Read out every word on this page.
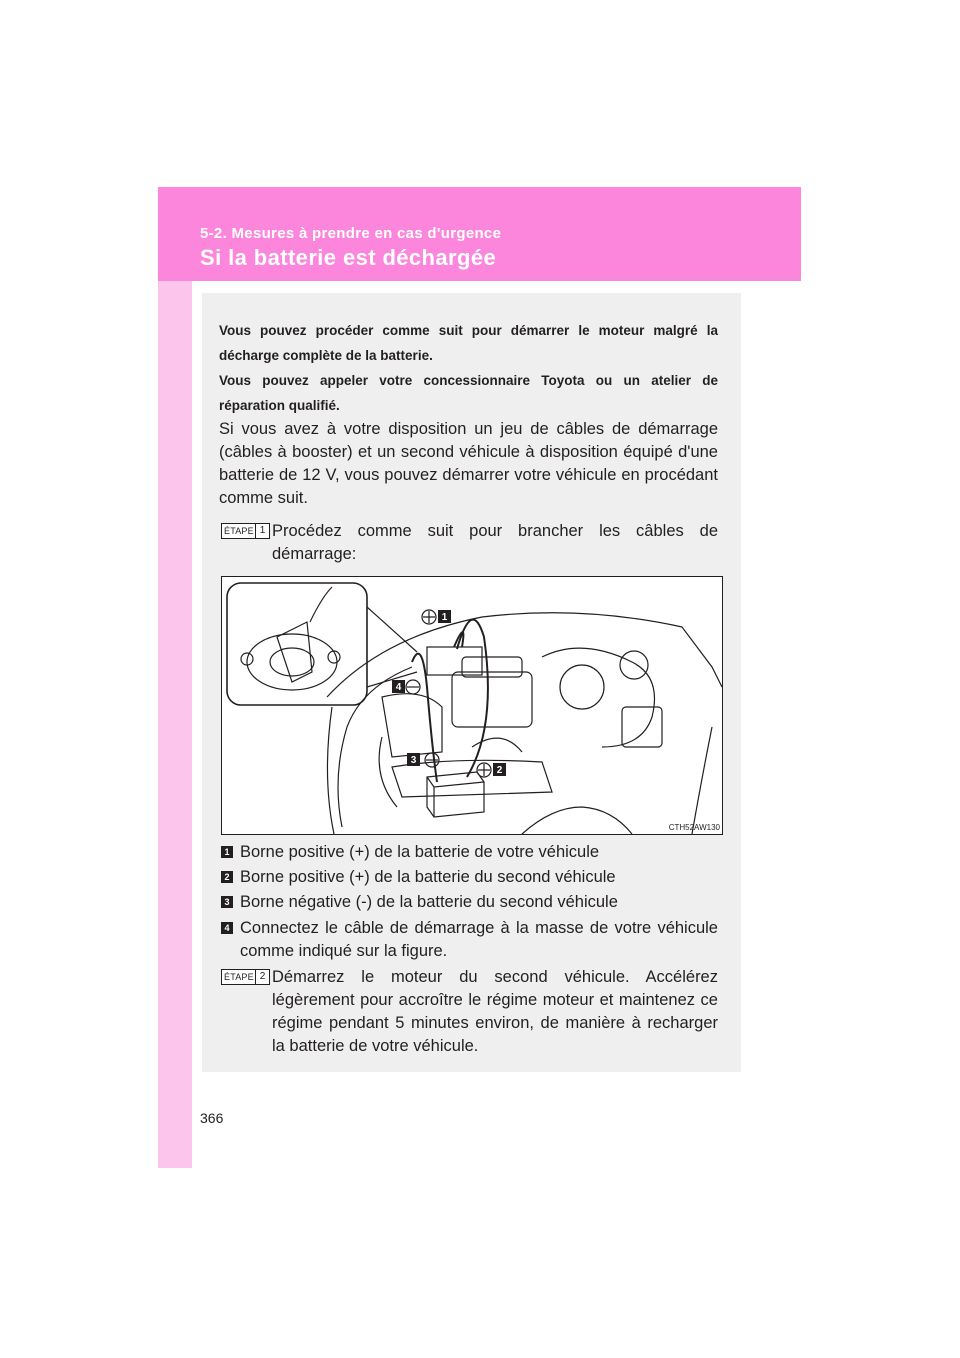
5-2. Mesures à prendre en cas d'urgence
Si la batterie est déchargée

Vous pouvez procéder comme suit pour démarrer le moteur malgré la décharge complète de la batterie.

Vous pouvez appeler votre concessionnaire Toyota ou un atelier de réparation qualifié.

Si vous avez à votre disposition un jeu de câbles de démarrage (câbles à booster) et un second véhicule à disposition équipé d'une batterie de 12 V, vous pouvez démarrer votre véhicule en procédant comme suit.

ÉTAPE 1 Procédez comme suit pour brancher les câbles de démarrage:

1
2
3
4
CTH52AW130
1 Borne positive (+) de la batterie de votre véhicule

2 Borne positive (+) de la batterie du second véhicule

3 Borne négative (-) de la batterie du second véhicule

4 Connectez le câble de démarrage à la masse de votre véhicule comme indiqué sur la figure.

ÉTAPE 2 Démarrez le moteur du second véhicule. Accélérez légèrement pour accroître le régime moteur et maintenez ce régime pendant 5 minutes environ, de manière à recharger la batterie de votre véhicule.

366
